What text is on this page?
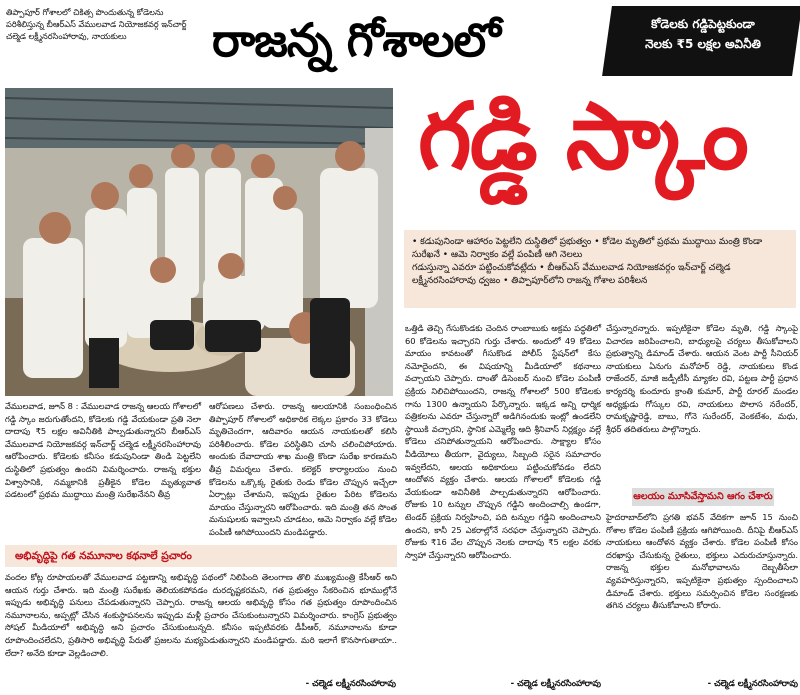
తిప్పాపూర్ గోశాలలో చికిత్స పొందుతున్న కోడెలను పరిశీలిస్తున్న బీఆర్ఎస్ వేములవాడ నియోజకవర్గ ఇన్‌చార్జ్ చల్మెడ లక్ష్మీనరసింహారావు, నాయకులు	రాజన్న గోశాలలో	కోడెలకు గడ్డిపెట్టకుండా
నెలకు ₹5 లక్షల అవినీతి
గడ్డి స్కాం
• కడుపునిండా ఆహారం పెట్టలేని దుస్థితిలో ప్రభుత్వం • కోడెల మృతిలో ప్రథమ ముద్దాయి మంత్రి కొండా సురేఖనే • ఆమె నిర్వాకం వల్లే పంపిణీ ఆగి నెలలు
గడుస్తున్నా ఎవరూ పట్టించుకోవట్లేదు • బీఆర్ఎస్ వేములవాడ నియోజకవర్గం ఇన్‌చార్జ్ చల్మెడ
లక్ష్మీనరసింహారావు ధ్వజం • తిప్పాపూర్‌లోని రాజన్న గోశాల పరిశీలన
వేములవాడ, జూన్ 8 : వేములవాడ రాజన్న ఆలయ గోశాలలో గడ్డి స్కాం జరుగుతోందని, కోడెలకు గడ్డి వేయకుండా ప్రతి నెలా దాదాపు ₹5 లక్షల అవినీతికి పాల్పడుతున్నారని బీఆర్ఎస్ వేములవాడ నియోజకవర్గ ఇన్‌చార్జ్ చల్మెడ లక్ష్మీనరసింహారావు ఆరోపించారు. కోడెలకు కనీసం కడుపునిండా తిండి పెట్టలేని దుస్థితిలో ప్రభుత్వం ఉందని విమర్శించారు. రాజన్న భక్తుల విశ్వాసానికి, నమ్మకానికి ప్రతీకైన కోడెల మృత్యువాత పడటంలో ప్రథమ ముద్దాయి మంత్రి సురేఖనేనని తీవ్ర
ఆరోపణలు చేశారు. రాజన్న ఆలయానికి సంబంధించిన తిప్పాపూర్ గోశాలలో అధికారిక లెక్కల ప్రకారం 33 కోడెలు మృతిచెందగా, ఆదివారం ఆయన నాయకులతో కలిసి పరిశీలించారు. కోడెల పరిస్థితిని చూసి చలించిపోయారు. అందుకు దేవాదాయ శాఖ మంత్రి కొండా సురేఖ కారణమని తీవ్ర విమర్శలు చేశారు. కలెక్టర్ కార్యాలయం నుంచి కోడెలను ఒక్కొక్క రైతుకు రెండు కోడెల చొప్పున ఇచ్చేలా ఏర్పాట్లు చేశామని, ఇప్పుడు రైతుల పేరిట కోడెలను మాయం చేస్తున్నారని ఆరోపించారు. ఇది మంత్రి తన సొంత మనుషులకు ఇవ్వాలని చూడటం, ఆమె నిర్వాకం వల్లే కోడెల పంపిణీ ఆగిపోయిందని మండిపడ్డారు.
ఒత్తిడి తెచ్చి గేసుకొండకు చెందిన రాంబాబుకు అక్రమ పద్ధతిలో 60 కోడెలను ఇచ్చారని గుర్తు చేశారు. అందులో 49 కోడెలు మాయం కావటంతో గీసుకొండ పోలీస్ స్టేషన్‌లో కేసు నమోదైందని, ఈ విషయాన్ని మీడియాలో కథనాలు వచ్చాయని చెప్పారు. దాంతో డిసెంబర్ నుంచి కోడెల పంపిణీ ప్రక్రియ నిలిచిపోయిందని, రాజన్న గోశాలలో 500 కోడెలకు గాను 1300 ఉన్నాయని పేర్కొన్నారు. ఇక్కడ అన్ని ధార్మిక పత్రికలను ఎవరూ చేస్తున్నారో అడిగినందుకు ఇంట్లో ఉండలేని స్థాయికి వచ్చారని, స్థానిక ఎమ్మెల్యే ఆది శ్రీనివాస్ నిర్లక్ష్యం వల్లే కోడెలు చనిపోతున్నాయని ఆరోపించారు. సాక్ష్యాల కోసం వీడియోలు తీయగా, వైద్యులు, సిబ్బంది సరైన సమాచారం ఇవ్వలేదని, ఆలయ అధికారులు పట్టించుకోవడం లేదని ఆందోళన వ్యక్తం చేశారు. ఆలయ గోశాలలో కోడెలకు గడ్డి వేయకుండా అవినీతికి పాల్పడుతున్నారని ఆరోపించారు. రోజుకు 10 టన్నుల చొప్పున గడ్డిని అందించాల్సి ఉండగా, టెండర్ ప్రక్రియ నిర్వహించి, పది టన్నుల గడ్డిని అందించాలని ఉందని, కానీ 25 ఎకరాల్లోనే సరఫరా చేస్తున్నారని చెప్పారు. రోజుకు ₹16 వేల చొప్పున నెలకు దాదాపు ₹5 లక్షల వరకు స్వాహా చేస్తున్నారని ఆరోపించారు.
చేస్తున్నారన్నారు. ఇప్పటికైనా కోడెల మృతి, గడ్డి స్కాంపై విచారణ జరిపించాలని, బాధ్యులపై చర్యలు తీసుకోవాలని ప్రభుత్వాన్ని డిమాండ్ చేశారు. ఆయన వెంట పార్టీ సీనియర్ నాయకులు ఏనుగు మనోహర్ రెడ్డి, నాయకులు కొండ రాజేందర్, మాజీ జడ్పీటీసీ మ్యాకల రవి, పట్టణ పార్టీ ప్రధాన కార్యదర్శి కుందూరు క్రాంతి కుమార్, పార్టీ రూరల్ మండల అధ్యక్షుడు గోస్కుల రవి, నాయకులు పొలాస నరేందర్, రామకృష్ణారెడ్డి, బాబు, గోనె సురేందర్, వెంకటేశం, మధు, శ్రీధర్ తదితరులు పాల్గొన్నారు.
ఆలయం మూసివేస్తామని ఆగం చేశారు
హైదరాబాద్‌లోని ప్రగతి భవన్ వేదికగా జూన్ 15 నుంచి గోశాల కోడెల పంపిణీ ప్రక్రియ ఆగిపోయింది. దీనిపై బీఆర్ఎస్ నాయకులు ఆందోళన వ్యక్తం చేశారు. కోడెల పంపిణీ కోసం దరఖాస్తు చేసుకున్న రైతులు, భక్తులు ఎదురుచూస్తున్నారు. రాజన్న భక్తుల మనోభావాలను దెబ్బతీసేలా వ్యవహరిస్తున్నారని, ఇప్పటికైనా ప్రభుత్వం స్పందించాలని డిమాండ్ చేశారు. భక్తులు సమర్పించిన కోడెల సంరక్షణకు తగిన చర్యలు తీసుకోవాలని కోరారు.
అభివృద్ధిపై గత నమూనాల కథనాలే ప్రచారం
వందల కోట్ల రూపాయలతో వేములవాడ పట్టణాన్ని అభివృద్ధి పథంలో నిలిపింది తెలంగాణ తొలి ముఖ్యమంత్రి కేసీఆర్ అని ఆయన గుర్తు చేశారు. ఇది మంత్రి సురేఖకు తెలియకపోవడం దురదృష్టకరమని, గత ప్రభుత్వం సేకరించిన భూముల్లోనే ఇప్పుడు అభివృద్ధి పనులు చేపడుతున్నారని చెప్పారు. రాజన్న ఆలయ అభివృద్ధి కోసం గత ప్రభుత్వం రూపొందించిన నమూనాలను, అప్పట్లో చేసిన శంకుస్థాపనలను ఇప్పుడు మళ్లీ ప్రచారం చేసుకుంటున్నారని విమర్శించారు. కాంగ్రెస్ ప్రభుత్వం సోషల్ మీడియాలో అభివృద్ధి అని ప్రచారం చేసుకుంటున్నది. కనీసం ఇప్పటివరకు డీపీఆర్, నమూనాలను కూడా రూపొందించలేదని, ప్రతిసారి అభివృద్ధి పేరుతో ప్రజలను మభ్యపెడుతున్నారని మండిపడ్డారు. మరి ఇలాగే కొనసాగుతాయా.. లేదా? అనేది కూడా వెల్లడించాలి.
- చల్మెడ లక్ష్మీనరసింహారావు	- చల్మెడ లక్ష్మీనరసింహారావు	- చల్మెడ లక్ష్మీనరసింహారావు
